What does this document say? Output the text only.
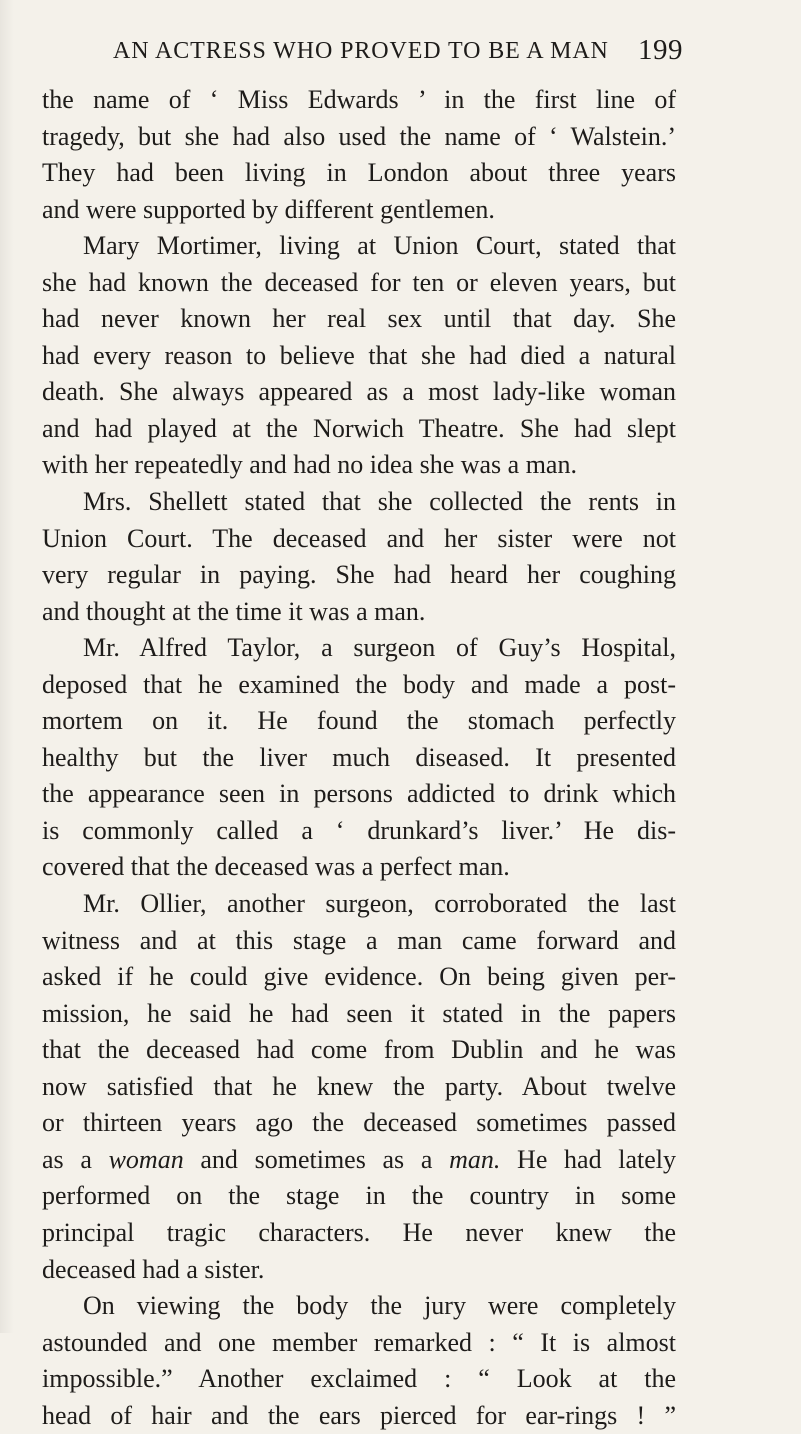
AN ACTRESS WHO PROVED TO BE A MAN 199
the name of ‘ Miss Edwards ’ in the first line of
tragedy, but she had also used the name of ‘ Walstein.’
They had been living in London about three years
and were supported by different gentlemen.
Mary Mortimer, living at Union Court, stated that
she had known the deceased for ten or eleven years, but
had never known her real sex until that day. She
had every reason to believe that she had died a natural
death. She always appeared as a most lady-like woman
and had played at the Norwich Theatre. She had slept
with her repeatedly and had no idea she was a man.
Mrs. Shellett stated that she collected the rents in
Union Court. The deceased and her sister were not
very regular in paying. She had heard her coughing
and thought at the time it was a man.
Mr. Alfred Taylor, a surgeon of Guy’s Hospital,
deposed that he examined the body and made a post-
mortem on it. He found the stomach perfectly
healthy but the liver much diseased. It presented
the appearance seen in persons addicted to drink which
is commonly called a ‘ drunkard’s liver.’ He dis-
covered that the deceased was a perfect man.
Mr. Ollier, another surgeon, corroborated the last
witness and at this stage a man came forward and
asked if he could give evidence. On being given per-
mission, he said he had seen it stated in the papers
that the deceased had come from Dublin and he was
now satisfied that he knew the party. About twelve
or thirteen years ago the deceased sometimes passed
as a woman and sometimes as a man. He had lately
performed on the stage in the country in some
principal tragic characters. He never knew the
deceased had a sister.
On viewing the body the jury were completely
astounded and one member remarked : “ It is almost
impossible.” Another exclaimed : “ Look at the
head of hair and the ears pierced for ear-rings ! ”
